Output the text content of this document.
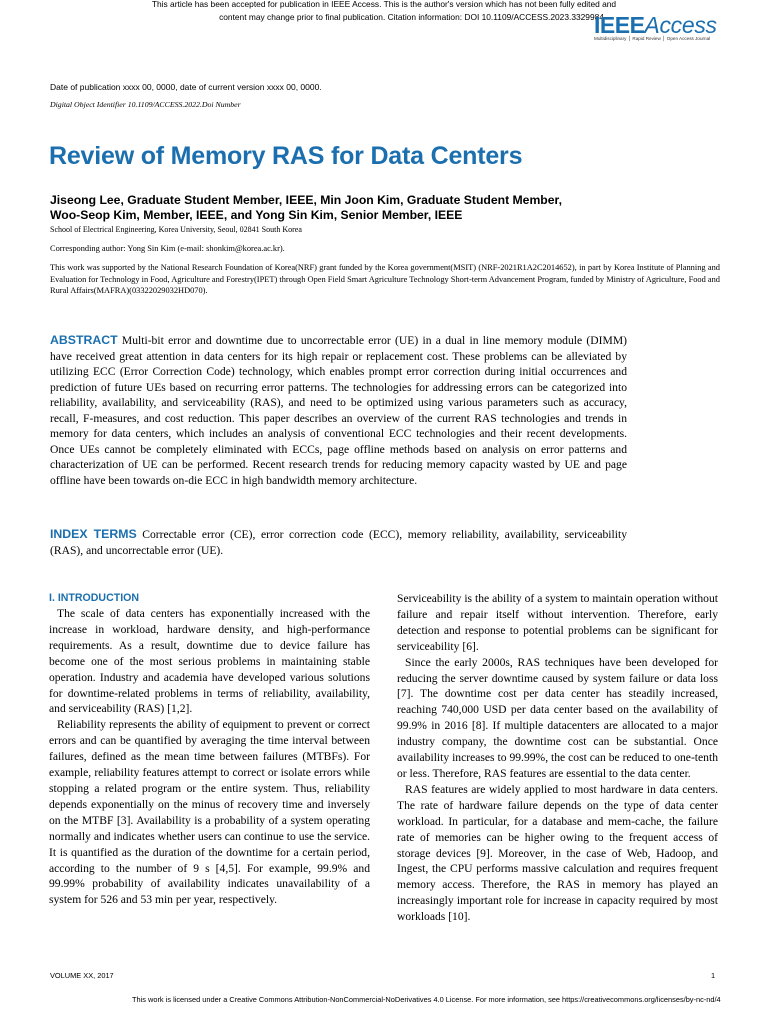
This article has been accepted for publication in IEEE Access. This is the author's version which has not been fully edited and
content may change prior to final publication. Citation information: DOI 10.1109/ACCESS.2023.3329984
IEEEAccess
Multidisciplinary ⎪ Rapid Review ⎪ Open Access Journal
Date of publication xxxx 00, 0000, date of current version xxxx 00, 0000.
Digital Object Identifier 10.1109/ACCESS.2022.Doi Number
Review of Memory RAS for Data Centers
Jiseong Lee, Graduate Student Member, IEEE, Min Joon Kim, Graduate Student Member,
Woo-Seop Kim, Member, IEEE, and Yong Sin Kim, Senior Member, IEEE
School of Electrical Engineering, Korea University, Seoul, 02841 South Korea
Corresponding author: Yong Sin Kim (e-mail: shonkim@korea.ac.kr).
This work was supported by the National Research Foundation of Korea(NRF) grant funded by the Korea government(MSIT) (NRF-2021R1A2C2014652), in part by Korea Institute of Planning and Evaluation for Technology in Food, Agriculture and Forestry(IPET) through Open Field Smart Agriculture Technology Short-term Advancement Program, funded by Ministry of Agriculture, Food and Rural Affairs(MAFRA)(03322029032HD070).
ABSTRACT Multi-bit error and downtime due to uncorrectable error (UE) in a dual in line memory module (DIMM) have received great attention in data centers for its high repair or replacement cost. These problems can be alleviated by utilizing ECC (Error Correction Code) technology, which enables prompt error correction during initial occurrences and prediction of future UEs based on recurring error patterns. The technologies for addressing errors can be categorized into reliability, availability, and serviceability (RAS), and need to be optimized using various parameters such as accuracy, recall, F-measures, and cost reduction. This paper describes an overview of the current RAS technologies and trends in memory for data centers, which includes an analysis of conventional ECC technologies and their recent developments. Once UEs cannot be completely eliminated with ECCs, page offline methods based on analysis on error patterns and characterization of UE can be performed. Recent research trends for reducing memory capacity wasted by UE and page offline have been towards on-die ECC in high bandwidth memory architecture.
INDEX TERMS Correctable error (CE), error correction code (ECC), memory reliability, availability, serviceability (RAS), and uncorrectable error (UE).
I. INTRODUCTION

The scale of data centers has exponentially increased with the increase in workload, hardware density, and high-performance requirements. As a result, downtime due to device failure has become one of the most serious problems in maintaining stable operation. Industry and academia have developed various solutions for downtime-related problems in terms of reliability, availability, and serviceability (RAS) [1,2].

Reliability represents the ability of equipment to prevent or correct errors and can be quantified by averaging the time interval between failures, defined as the mean time between failures (MTBFs). For example, reliability features attempt to correct or isolate errors while stopping a related program or the entire system. Thus, reliability depends exponentially on the minus of recovery time and inversely on the MTBF [3]. Availability is a probability of a system operating normally and indicates whether users can continue to use the service. It is quantified as the duration of the downtime for a certain period, according to the number of 9 s [4,5]. For example, 99.9% and 99.99% probability of availability indicates unavailability of a system for 526 and 53 min per year, respectively.

Serviceability is the ability of a system to maintain operation without failure and repair itself without intervention. Therefore, early detection and response to potential problems can be significant for serviceability [6].

Since the early 2000s, RAS techniques have been developed for reducing the server downtime caused by system failure or data loss [7]. The downtime cost per data center has steadily increased, reaching 740,000 USD per data center based on the availability of 99.9% in 2016 [8]. If multiple datacenters are allocated to a major industry company, the downtime cost can be substantial. Once availability increases to 99.99%, the cost can be reduced to one-tenth or less. Therefore, RAS features are essential to the data center.

RAS features are widely applied to most hardware in data centers. The rate of hardware failure depends on the type of data center workload. In particular, for a database and mem-cache, the failure rate of memories can be higher owing to the frequent access of storage devices [9]. Moreover, in the case of Web, Hadoop, and Ingest, the CPU performs massive calculation and requires frequent memory access. Therefore, the RAS in memory has played an increasingly important role for increase in capacity required by most workloads [10].

VOLUME XX, 2017	1
This work is licensed under a Creative Commons Attribution-NonCommercial-NoDerivatives 4.0 License. For more information, see https://creativecommons.org/licenses/by-nc-nd/4
